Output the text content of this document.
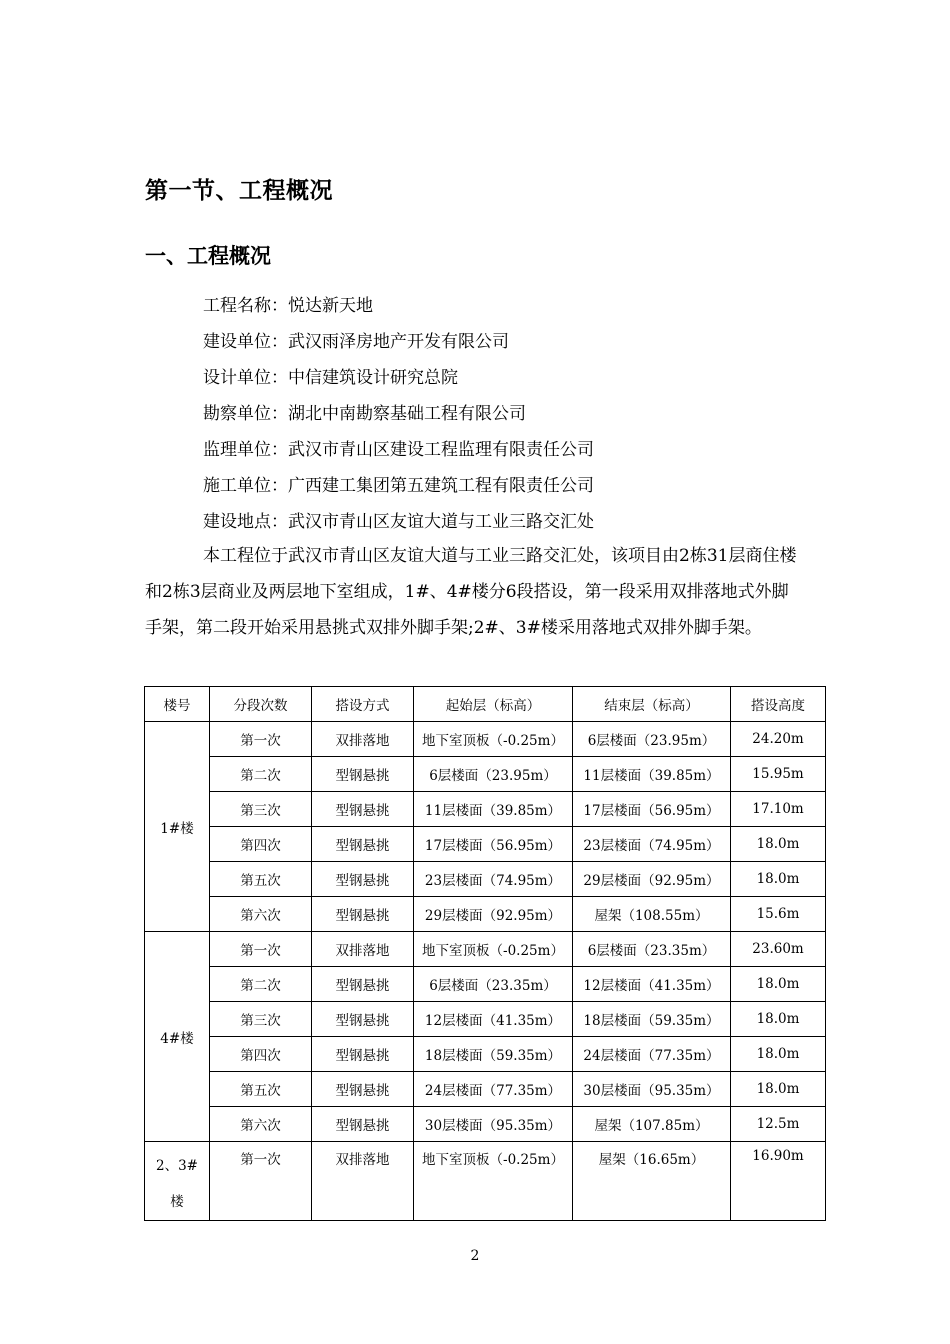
第一节、工程概况
一、工程概况
工程名称：悦达新天地
建设单位：武汉雨泽房地产开发有限公司
设计单位：中信建筑设计研究总院
勘察单位：湖北中南勘察基础工程有限公司
监理单位：武汉市青山区建设工程监理有限责任公司
施工单位：广西建工集团第五建筑工程有限责任公司
建设地点：武汉市青山区友谊大道与工业三路交汇处

本工程位于武汉市青山区友谊大道与工业三路交汇处，该项目由2栋31层商住楼和2栋3层商业及两层地下室组成，1#、4#楼分6段搭设，第一段采用双排落地式外脚手架，第二段开始采用悬挑式双排外脚手架;2#、3#楼采用落地式双排外脚手架。

楼号	分段次数	搭设方式	起始层（标高）	结束层（标高）	搭设高度
1#楼	第一次	双排落地	地下室顶板（-0.25m）	6层楼面（23.95m）	24.20m
	第二次	型钢悬挑	6层楼面（23.95m）	11层楼面（39.85m）	15.95m
	第三次	型钢悬挑	11层楼面（39.85m）	17层楼面（56.95m）	17.10m
	第四次	型钢悬挑	17层楼面（56.95m）	23层楼面（74.95m）	18.0m
	第五次	型钢悬挑	23层楼面（74.95m）	29层楼面（92.95m）	18.0m
	第六次	型钢悬挑	29层楼面（92.95m）	屋架（108.55m）	15.6m
4#楼	第一次	双排落地	地下室顶板（-0.25m）	6层楼面（23.35m）	23.60m
	第二次	型钢悬挑	6层楼面（23.35m）	12层楼面（41.35m）	18.0m
	第三次	型钢悬挑	12层楼面（41.35m）	18层楼面（59.35m）	18.0m
	第四次	型钢悬挑	18层楼面（59.35m）	24层楼面（77.35m）	18.0m
	第五次	型钢悬挑	24层楼面（77.35m）	30层楼面（95.35m）	18.0m
	第六次	型钢悬挑	30层楼面（95.35m）	屋架（107.85m）	12.5m
2、3#
楼	第一次	双排落地	地下室顶板（-0.25m）	屋架（16.65m）	16.90m
2
